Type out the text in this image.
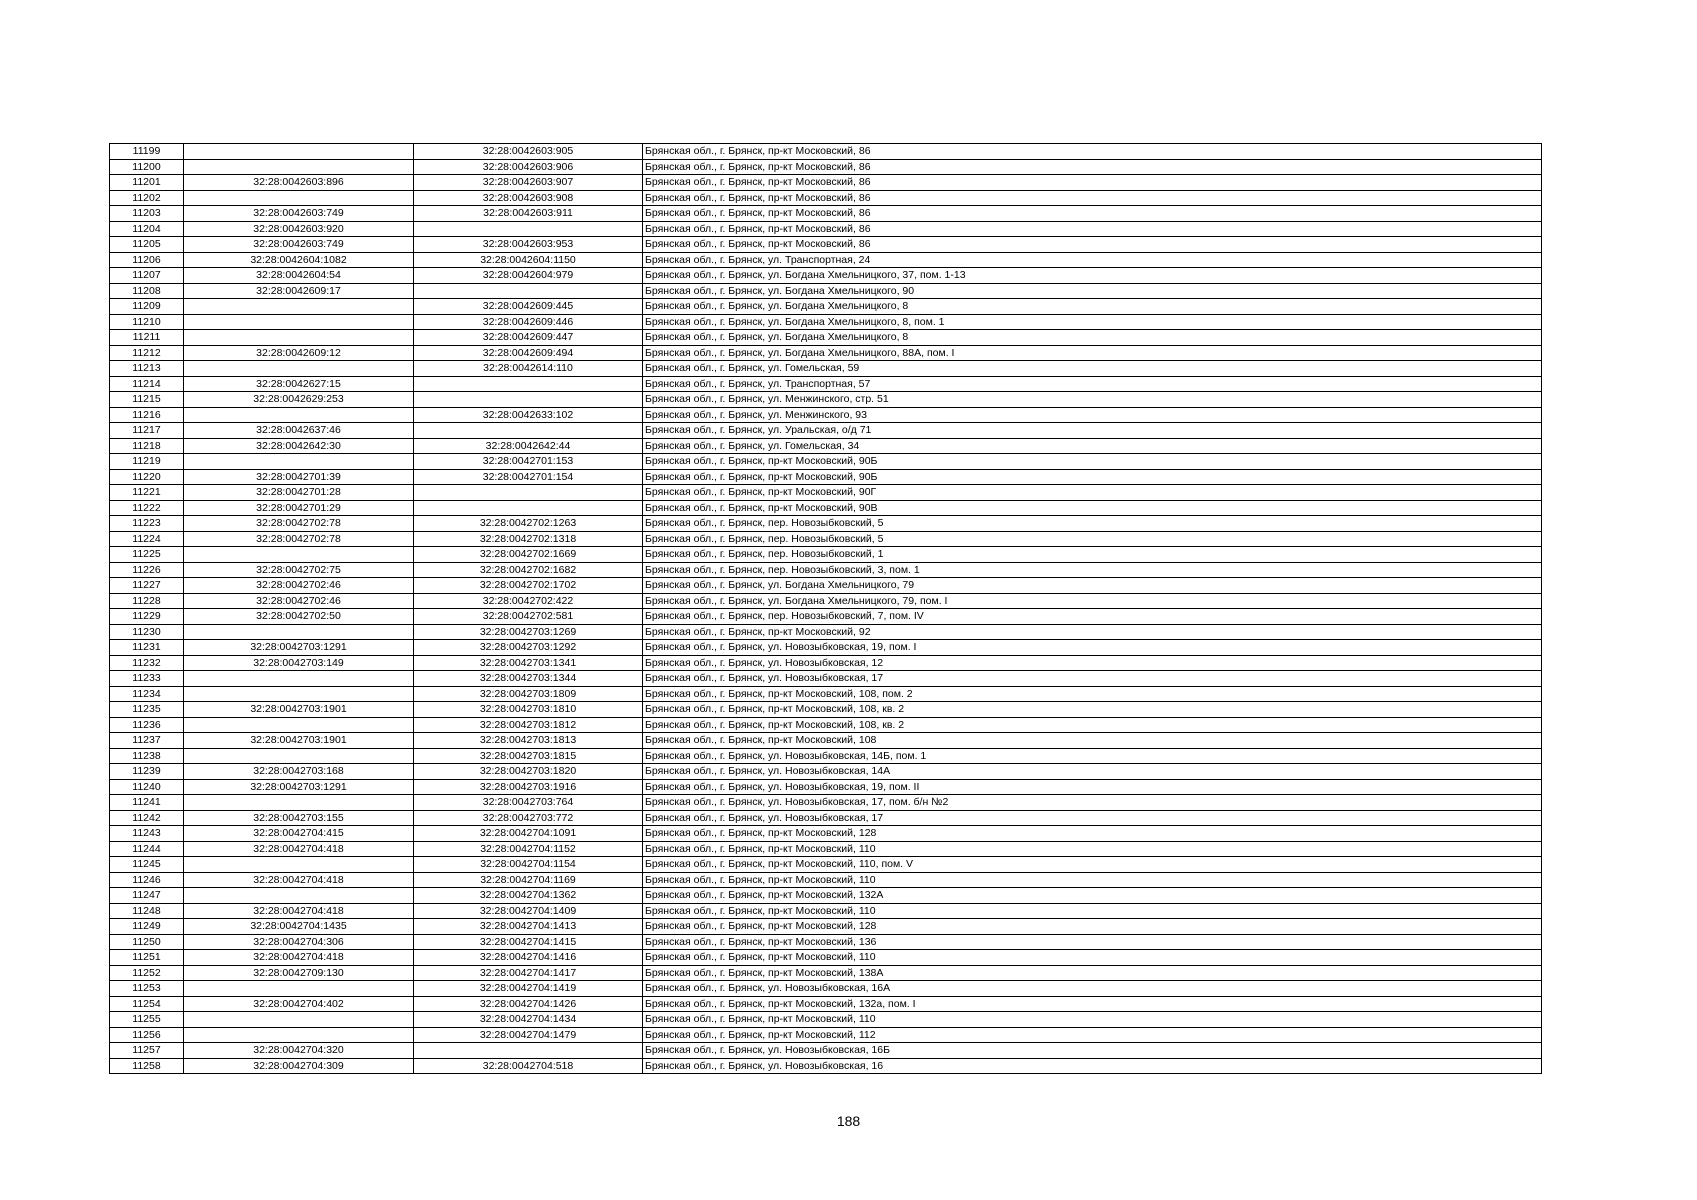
11199		32:28:0042603:905	Брянская обл., г. Брянск, пр-кт Московский, 86
11200		32:28:0042603:906	Брянская обл., г. Брянск, пр-кт Московский, 86
11201	32:28:0042603:896	32:28:0042603:907	Брянская обл., г. Брянск, пр-кт Московский, 86
11202		32:28:0042603:908	Брянская обл., г. Брянск, пр-кт Московский, 86
11203	32:28:0042603:749	32:28:0042603:911	Брянская обл., г. Брянск, пр-кт Московский, 86
11204	32:28:0042603:920		Брянская обл., г. Брянск, пр-кт Московский, 86
11205	32:28:0042603:749	32:28:0042603:953	Брянская обл., г. Брянск, пр-кт Московский, 86
11206	32:28:0042604:1082	32:28:0042604:1150	Брянская обл., г. Брянск, ул. Транспортная, 24
11207	32:28:0042604:54	32:28:0042604:979	Брянская обл., г. Брянск, ул. Богдана Хмельницкого, 37, пом. 1-13
11208	32:28:0042609:17		Брянская обл., г. Брянск, ул. Богдана Хмельницкого, 90
11209		32:28:0042609:445	Брянская обл., г. Брянск, ул. Богдана Хмельницкого, 8
11210		32:28:0042609:446	Брянская обл., г. Брянск, ул. Богдана Хмельницкого, 8, пом. 1
11211		32:28:0042609:447	Брянская обл., г. Брянск, ул. Богдана Хмельницкого, 8
11212	32:28:0042609:12	32:28:0042609:494	Брянская обл., г. Брянск, ул. Богдана Хмельницкого, 88А, пом. I
11213		32:28:0042614:110	Брянская обл., г. Брянск, ул. Гомельская, 59
11214	32:28:0042627:15		Брянская обл., г. Брянск, ул. Транспортная, 57
11215	32:28:0042629:253		Брянская обл., г. Брянск, ул. Менжинского, стр. 51
11216		32:28:0042633:102	Брянская обл., г. Брянск, ул. Менжинского, 93
11217	32:28:0042637:46		Брянская обл., г. Брянск, ул. Уральская, о/д 71
11218	32:28:0042642:30	32:28:0042642:44	Брянская обл., г. Брянск, ул. Гомельская, 34
11219		32:28:0042701:153	Брянская обл., г. Брянск, пр-кт Московский, 90Б
11220	32:28:0042701:39	32:28:0042701:154	Брянская обл., г. Брянск, пр-кт Московский, 90Б
11221	32:28:0042701:28		Брянская обл., г. Брянск, пр-кт Московский, 90Г
11222	32:28:0042701:29		Брянская обл., г. Брянск, пр-кт Московский, 90В
11223	32:28:0042702:78	32:28:0042702:1263	Брянская обл., г. Брянск, пер. Новозыбковский, 5
11224	32:28:0042702:78	32:28:0042702:1318	Брянская обл., г. Брянск, пер. Новозыбковский, 5
11225		32:28:0042702:1669	Брянская обл., г. Брянск, пер. Новозыбковский, 1
11226	32:28:0042702:75	32:28:0042702:1682	Брянская обл., г. Брянск, пер. Новозыбковский, 3, пом. 1
11227	32:28:0042702:46	32:28:0042702:1702	Брянская обл., г. Брянск, ул. Богдана Хмельницкого, 79
11228	32:28:0042702:46	32:28:0042702:422	Брянская обл., г. Брянск, ул. Богдана Хмельницкого, 79, пом. I
11229	32:28:0042702:50	32:28:0042702:581	Брянская обл., г. Брянск, пер. Новозыбковский, 7, пом. IV
11230		32:28:0042703:1269	Брянская обл., г. Брянск, пр-кт Московский, 92
11231	32:28:0042703:1291	32:28:0042703:1292	Брянская обл., г. Брянск, ул. Новозыбковская, 19, пом. I
11232	32:28:0042703:149	32:28:0042703:1341	Брянская обл., г. Брянск, ул. Новозыбковская, 12
11233		32:28:0042703:1344	Брянская обл., г. Брянск, ул. Новозыбковская, 17
11234		32:28:0042703:1809	Брянская обл., г. Брянск, пр-кт Московский, 108, пом. 2
11235	32:28:0042703:1901	32:28:0042703:1810	Брянская обл., г. Брянск, пр-кт Московский, 108, кв. 2
11236		32:28:0042703:1812	Брянская обл., г. Брянск, пр-кт Московский, 108, кв. 2
11237	32:28:0042703:1901	32:28:0042703:1813	Брянская обл., г. Брянск, пр-кт Московский, 108
11238		32:28:0042703:1815	Брянская обл., г. Брянск, ул. Новозыбковская, 14Б, пом. 1
11239	32:28:0042703:168	32:28:0042703:1820	Брянская обл., г. Брянск, ул. Новозыбковская, 14А
11240	32:28:0042703:1291	32:28:0042703:1916	Брянская обл., г. Брянск, ул. Новозыбковская, 19, пом. II
11241		32:28:0042703:764	Брянская обл., г. Брянск, ул. Новозыбковская, 17, пом. б/н №2
11242	32:28:0042703:155	32:28:0042703:772	Брянская обл., г. Брянск, ул. Новозыбковская, 17
11243	32:28:0042704:415	32:28:0042704:1091	Брянская обл., г. Брянск, пр-кт Московский, 128
11244	32:28:0042704:418	32:28:0042704:1152	Брянская обл., г. Брянск, пр-кт Московский, 110
11245		32:28:0042704:1154	Брянская обл., г. Брянск, пр-кт Московский, 110, пом. V
11246	32:28:0042704:418	32:28:0042704:1169	Брянская обл., г. Брянск, пр-кт Московский, 110
11247		32:28:0042704:1362	Брянская обл., г. Брянск, пр-кт Московский, 132А
11248	32:28:0042704:418	32:28:0042704:1409	Брянская обл., г. Брянск, пр-кт Московский, 110
11249	32:28:0042704:1435	32:28:0042704:1413	Брянская обл., г. Брянск, пр-кт Московский, 128
11250	32:28:0042704:306	32:28:0042704:1415	Брянская обл., г. Брянск, пр-кт Московский, 136
11251	32:28:0042704:418	32:28:0042704:1416	Брянская обл., г. Брянск, пр-кт Московский, 110
11252	32:28:0042709:130	32:28:0042704:1417	Брянская обл., г. Брянск, пр-кт Московский, 138А
11253		32:28:0042704:1419	Брянская обл., г. Брянск, ул. Новозыбковская, 16А
11254	32:28:0042704:402	32:28:0042704:1426	Брянская обл., г. Брянск, пр-кт Московский, 132а, пом. I
11255		32:28:0042704:1434	Брянская обл., г. Брянск, пр-кт Московский, 110
11256		32:28:0042704:1479	Брянская обл., г. Брянск, пр-кт Московский, 112
11257	32:28:0042704:320		Брянская обл., г. Брянск, ул. Новозыбковская, 16Б
11258	32:28:0042704:309	32:28:0042704:518	Брянская обл., г. Брянск, ул. Новозыбковская, 16
188
